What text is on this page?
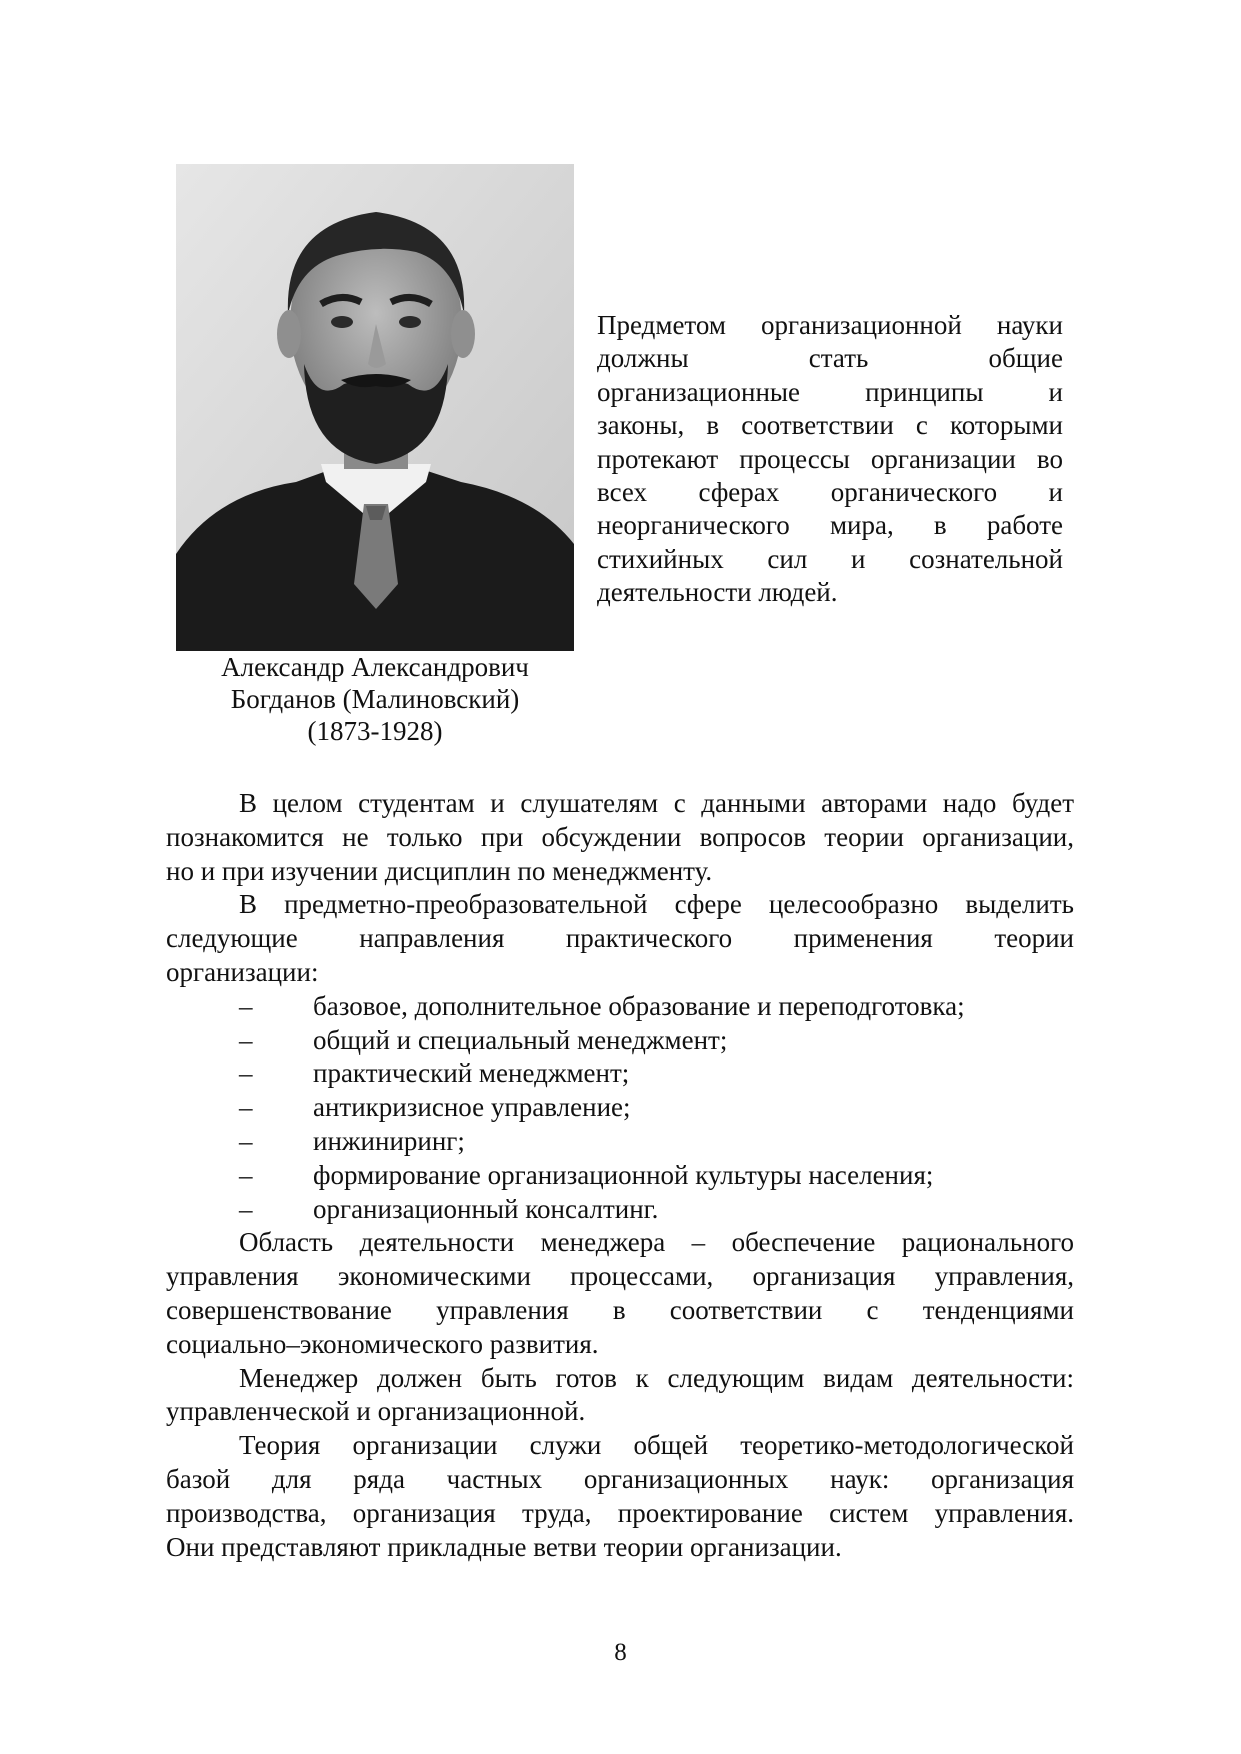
Александр Александрович
Богданов (Малиновский)
(1873-1928)
Предметом организационной науки
должны стать общие
организационные принципы и
законы, в соответствии с которыми
протекают процессы организации во
всех сферах органического и
неорганического мира, в работе
стихийных сил и сознательной
деятельности людей.
В целом студентам и слушателям с данными авторами надо будет
познакомится не только при обсуждении вопросов теории организации,
но и при изучении дисциплин по менеджменту.
В предметно-преобразовательной сфере целесообразно выделить
следующие направления практического применения теории
организации:
– базовое, дополнительное образование и переподготовка;
– общий и специальный менеджмент;
– практический менеджмент;
– антикризисное управление;
– инжиниринг;
– формирование организационной культуры населения;
– организационный консалтинг.
Область деятельности менеджера – обеспечение рационального
управления экономическими процессами, организация управления,
совершенствование управления в соответствии с тенденциями
социально–экономического развития.
Менеджер должен быть готов к следующим видам деятельности:
управленческой и организационной.
Теория организации служи общей теоретико-методологической
базой для ряда частных организационных наук: организация
производства, организация труда, проектирование систем управления.
Они представляют прикладные ветви теории организации.
8
